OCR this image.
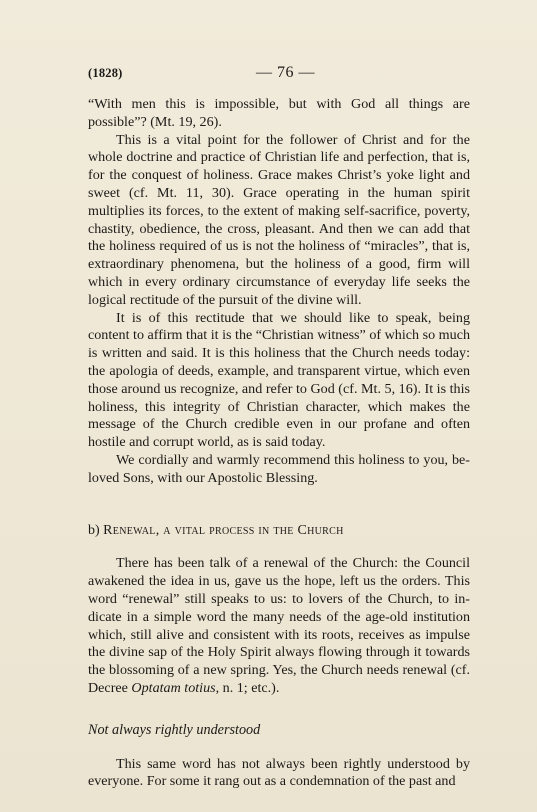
(1828)	— 76 —

“With men this is impossible, but with God all things are possible”? (Mt. 19, 26).

This is a vital point for the follower of Christ and for the whole doctrine and practice of Christian life and perfection, that is, for the conquest of holiness. Grace makes Christ’s yoke light and sweet (cf. Mt. 11, 30). Grace operating in the human spirit multiplies its forces, to the extent of making self-sacrifice, poverty, chastity, obedience, the cross, pleasant. And then we can add that the holiness required of us is not the holiness of “miracles”, that is, extraordinary phenomena, but the holiness of a good, firm will which in every ordinary circumstance of everyday life seeks the logical rectitude of the pursuit of the divine will.

It is of this rectitude that we should like to speak, being content to affirm that it is the “Christian witness” of which so much is written and said. It is this holiness that the Church needs today: the apologia of deeds, example, and transparent virtue, which even those around us recognize, and refer to God (cf. Mt. 5, 16). It is this holiness, this integrity of Christian character, which makes the message of the Church credible even in our profane and often hostile and corrupt world, as is said today.

We cordially and warmly recommend this holiness to you, beloved Sons, with our Apostolic Blessing.

b) Renewal, a vital process in the Church

There has been talk of a renewal of the Church: the Council awakened the idea in us, gave us the hope, left us the orders. This word “renewal” still speaks to us: to lovers of the Church, to indicate in a simple word the many needs of the age-old institution which, still alive and consistent with its roots, receives as impulse the divine sap of the Holy Spirit always flowing through it towards the blossoming of a new spring. Yes, the Church needs renewal (cf. Decree Optatam totius, n. 1; etc.).

Not always rightly understood

This same word has not always been rightly understood by everyone. For some it rang out as a condemnation of the past and
